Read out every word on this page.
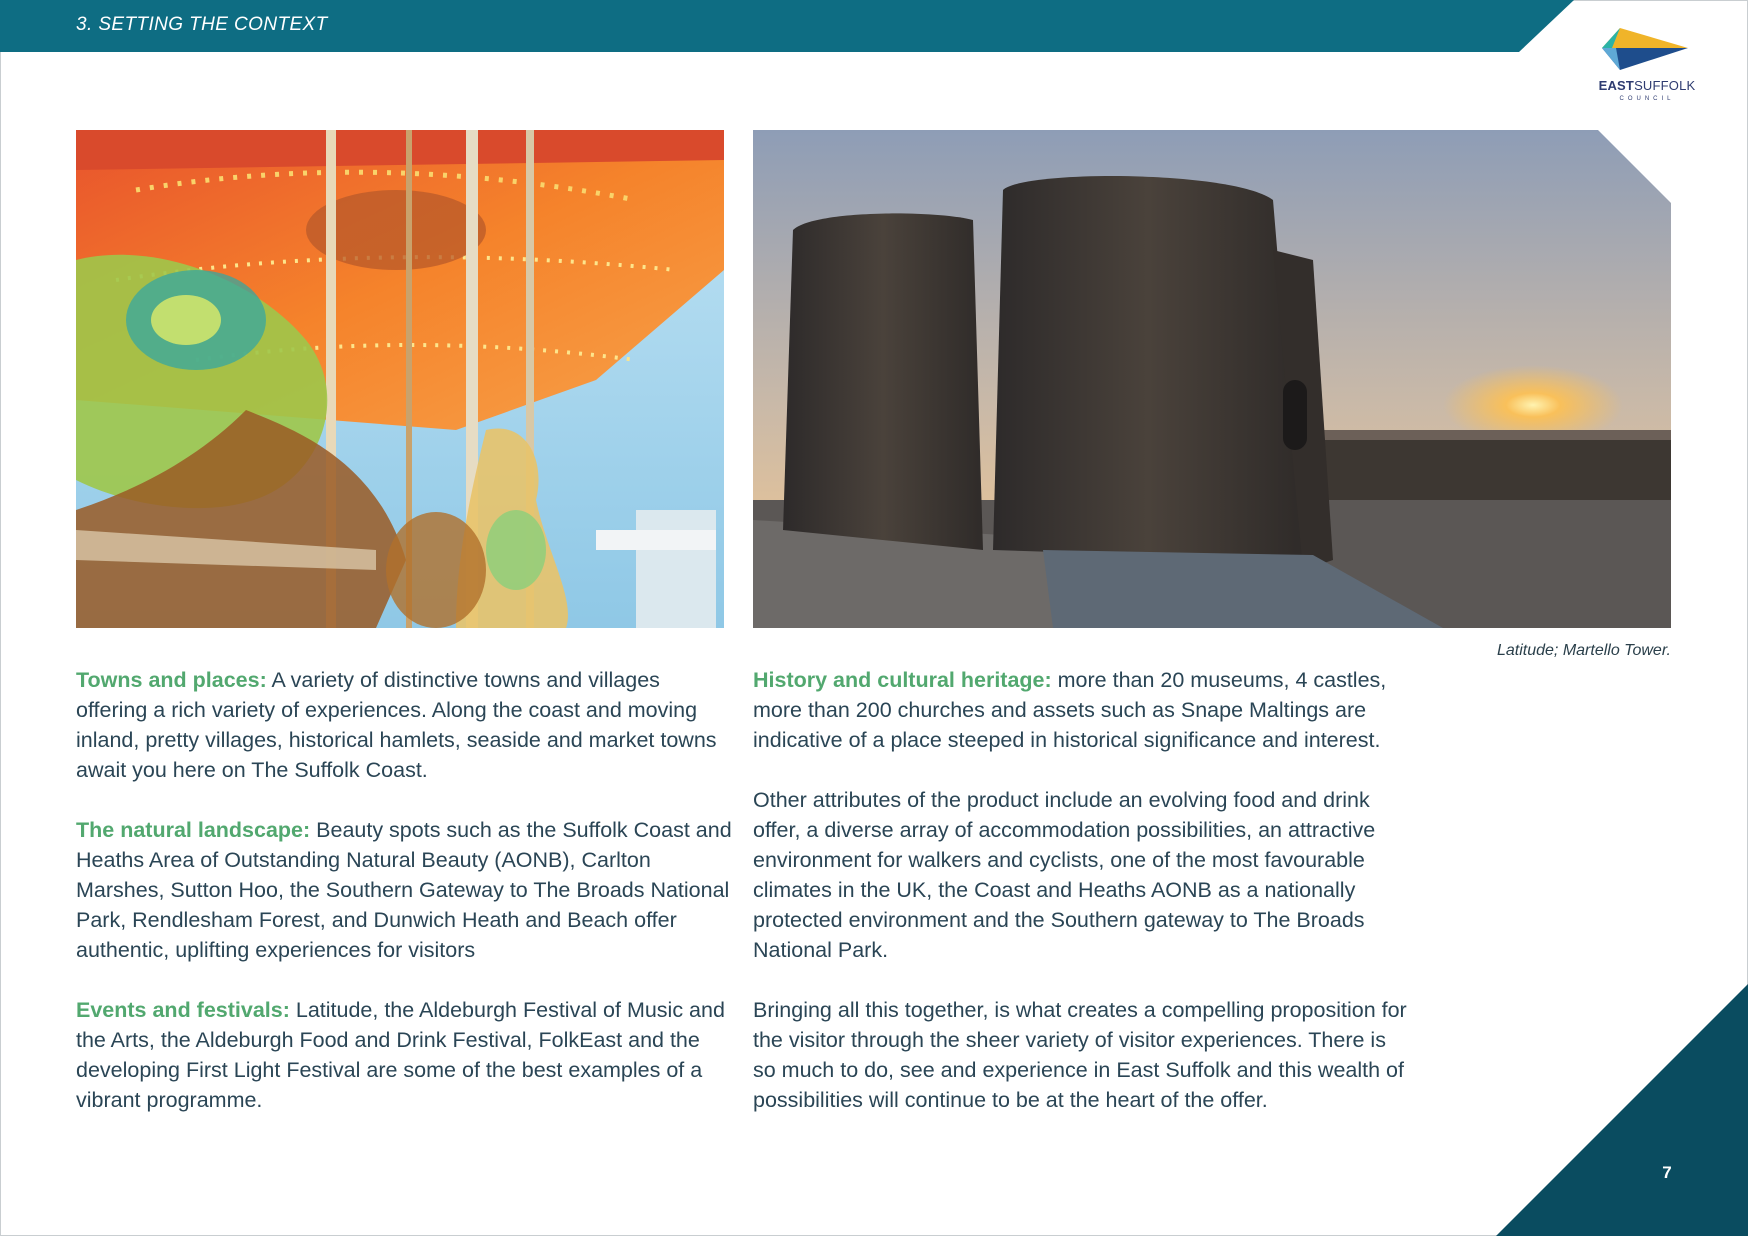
3. SETTING THE CONTEXT
EASTSUFFOLK
COUNCIL
Latitude; Martello Tower.

Towns and places: A variety of distinctive towns and villages offering a rich variety of experiences. Along the coast and moving inland, pretty villages, historical hamlets, seaside and market towns await you here on The Suffolk Coast.

The natural landscape: Beauty spots such as the Suffolk Coast and Heaths Area of Outstanding Natural Beauty (AONB), Carlton Marshes, Sutton Hoo, the Southern Gateway to The Broads National Park, Rendlesham Forest, and Dunwich Heath and Beach offer authentic, uplifting experiences for visitors

Events and festivals: Latitude, the Aldeburgh Festival of Music and the Arts, the Aldeburgh Food and Drink Festival, FolkEast and the developing First Light Festival are some of the best examples of a vibrant programme.

History and cultural heritage: more than 20 museums, 4 castles, more than 200 churches and assets such as Snape Maltings are indicative of a place steeped in historical significance and interest.

Other attributes of the product include an evolving food and drink offer, a diverse array of accommodation possibilities, an attractive environment for walkers and cyclists, one of the most favourable climates in the UK, the Coast and Heaths AONB as a nationally protected environment and the Southern gateway to The Broads National Park.

Bringing all this together, is what creates a compelling proposition for the visitor through the sheer variety of visitor experiences. There is so much to do, see and experience in East Suffolk and this wealth of possibilities will continue to be at the heart of the offer.

7
